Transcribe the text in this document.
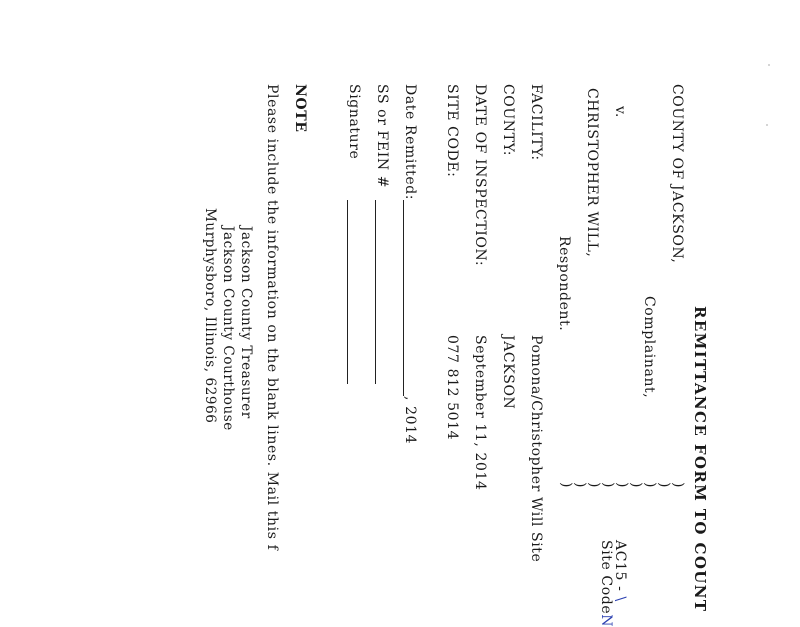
REMITTANCE FORM TO COUNT
COUNTY OF JACKSON,
Complainant,
v.
CHRISTOPHER WILL,
Respondent.
)
)
)
)
)
)
)
)
)
AC15 - \
Site CodeN
FACILITY:
Pomona/Christopher Will Site
COUNTY:
JACKSON
DATE OF INSPECTION:
September 11, 2014
SITE CODE:
077 812 5014
Date Remitted:
, 2014
SS or FEIN #
Signature
NOTE
Please include the information on the blank lines. Mail this f
Jackson County Treasurer
Jackson County Courthouse
Murphysboro, Illinois, 62966
